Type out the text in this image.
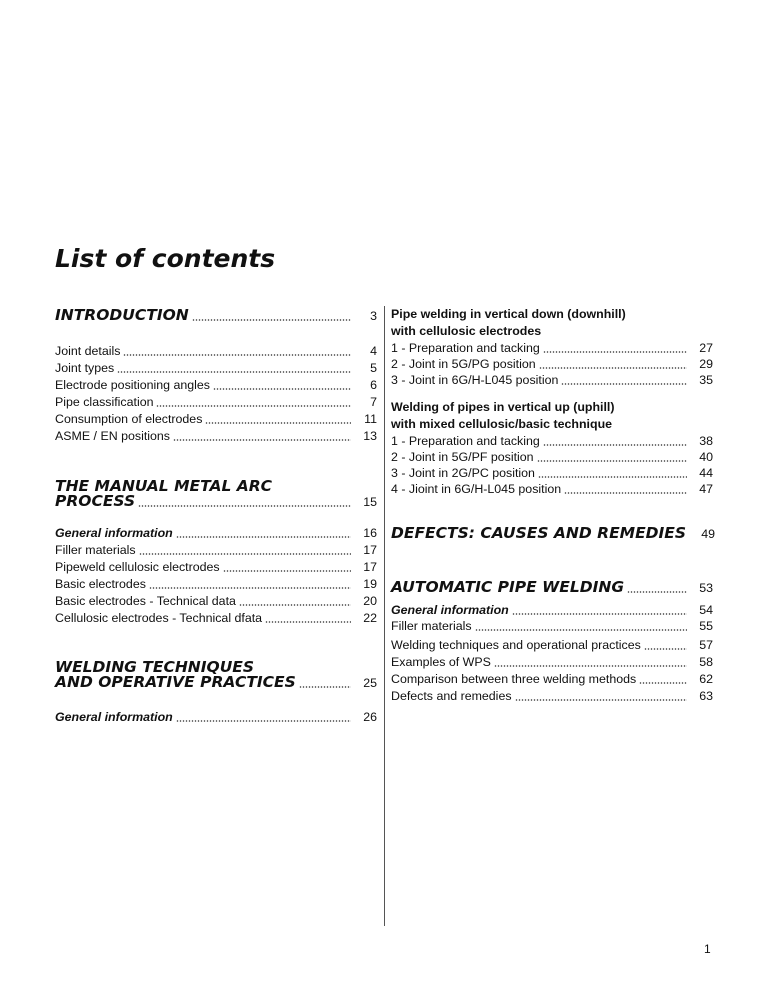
List of contents
INTRODUCTION	3
Joint details	4
Joint types	5
Electrode positioning angles	6
Pipe classification	7
Consumption of electrodes	11
ASME / EN positions	13
THE MANUAL METAL ARC
PROCESS	15
General information	16
Filler materials	17
Pipeweld cellulosic electrodes	17
Basic electrodes	19
Basic electrodes - Technical data	20
Cellulosic electrodes - Technical dfata	22
WELDING TECHNIQUES
AND OPERATIVE PRACTICES	25
General information	26
Pipe welding in vertical down (downhill)
with cellulosic electrodes
1 - Preparation and tacking	27
2 - Joint in 5G/PG position	29
3 - Joint in 6G/H-L045 position	35
Welding of pipes in vertical up (uphill)
with mixed cellulosic/basic technique
1 - Preparation and tacking	38
2 - Joint in 5G/PF position	40
3 - Joint in 2G/PC position	44
4 - Jioint in 6G/H-L045 position	47
DEFECTS: CAUSES AND REMEDIES	49
AUTOMATIC PIPE WELDING	53
General information	54
Filler materials	55
Welding techniques and operational practices	57
Examples of WPS	58
Comparison between three welding methods	62
Defects and remedies	63
1
